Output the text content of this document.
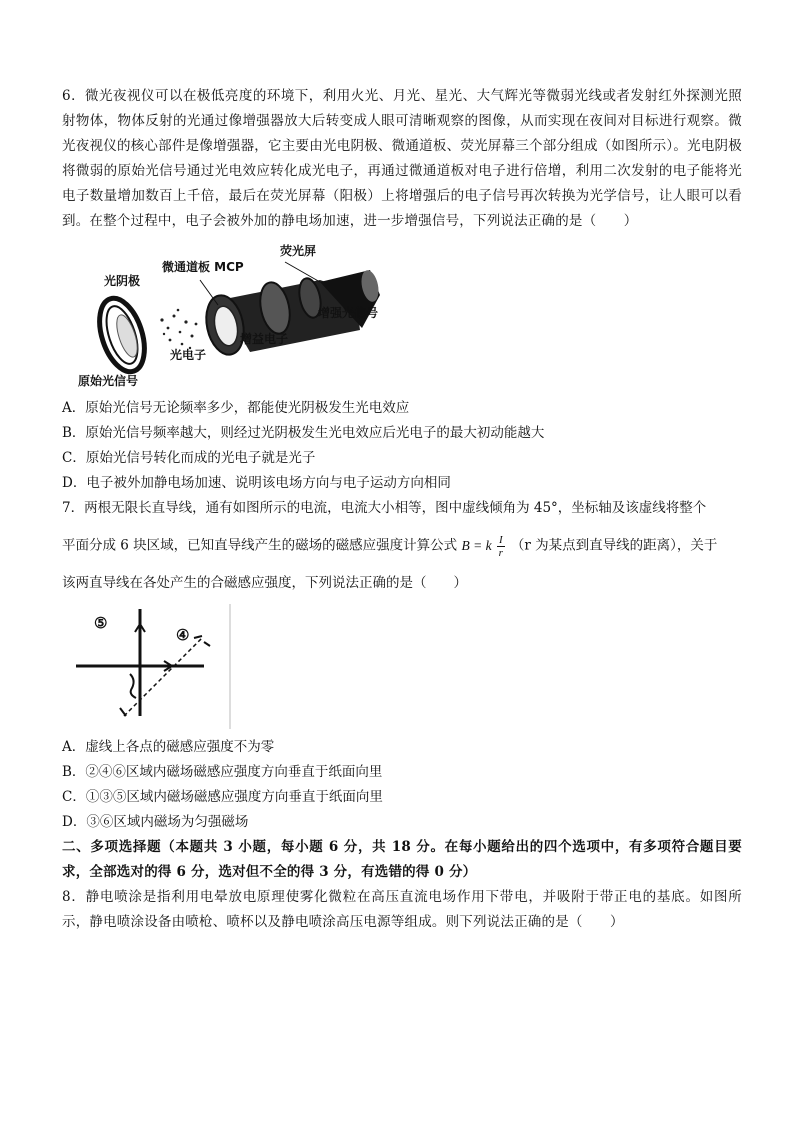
6．微光夜视仪可以在极低亮度的环境下，利用火光、月光、星光、大气辉光等微弱光线或者发射红外探测光照射物体，物体反射的光通过像增强器放大后转变成人眼可清晰观察的图像，从而实现在夜间对目标进行观察。微光夜视仪的核心部件是像增强器，它主要由光电阴极、微通道板、荧光屏幕三个部分组成（如图所示）。光电阴极将微弱的原始光信号通过光电效应转化成光电子，再通过微通道板对电子进行倍增，利用二次发射的电子能将光电子数量增加数百上千倍，最后在荧光屏幕（阳极）上将增强后的电子信号再次转换为光学信号，让人眼可以看到。在整个过程中，电子会被外加的静电场加速，进一步增强信号，下列说法正确的是（　　）

荧光屏
微通道板 MCP
光阴极
增强光信号
光电子
增益电子
原始光信号

A．原始光信号无论频率多少，都能使光阴极发生光电效应

B．原始光信号频率越大，则经过光阴极发生光电效应后光电子的最大初动能越大

C．原始光信号转化而成的光电子就是光子

D．电子被外加静电场加速、说明该电场方向与电子运动方向相同

7．两根无限长直导线，通有如图所示的电流，电流大小相等，图中虚线倾角为 45°，坐标轴及该虚线将整个

平面分成 6 块区域，已知直导线产生的磁场的磁感应强度计算公式 B = k $\frac{I}{r} (r$ 为某点到直导线的距离），关于

该两直导线在各处产生的合磁感应强度，下列说法正确的是（　　）

⑤
④

A．虚线上各点的磁感应强度不为零

B．②④⑥区域内磁场磁感应强度方向垂直于纸面向里

C．①③⑤区域内磁场磁感应强度方向垂直于纸面向里

D．③⑥区域内磁场为匀强磁场

二、多项选择题（本题共 3 小题，每小题 6 分，共 18 分。在每小题给出的四个选项中，有多项符合题目要求，全部选对的得 6 分，选对但不全的得 3 分，有选错的得 0 分）

8．静电喷涂是指利用电晕放电原理使雾化微粒在高压直流电场作用下带电，并吸附于带正电的基底。如图所示，静电喷涂设备由喷枪、喷杯以及静电喷涂高压电源等组成。则下列说法正确的是（　　）
